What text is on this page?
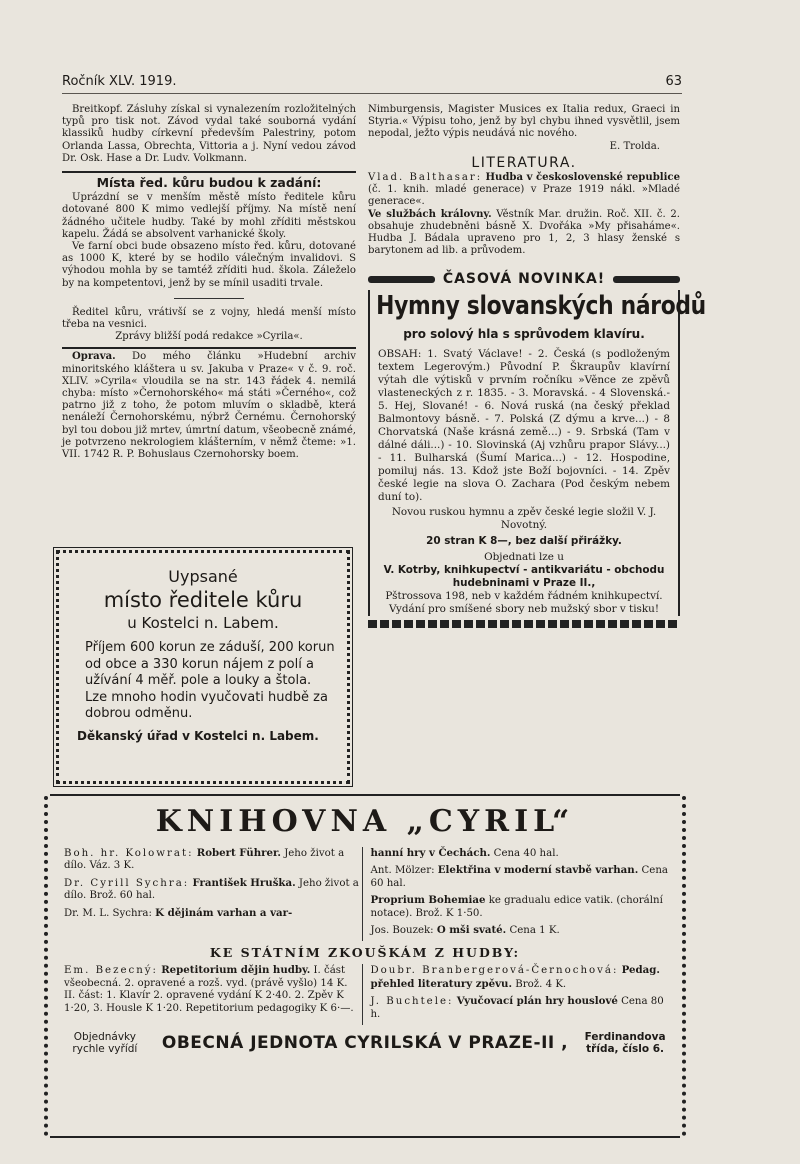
Ročník XLV. 1919.	63

Breitkopf. Zásluhy získal si vynalezením rozložitelných typů pro tisk not. Závod vydal také souborná vydání klassiků hudby církevní především Palestriny, potom Orlanda Lassa, Obrechta, Vittoria a j. Nyní vedou závod Dr. Osk. Hase a Dr. Ludv. Volkmann.

Místa řed. kůru budou k zadání:

Uprázdní se v menším městě místo ředitele kůru dotované 800 K mimo vedlejší příjmy. Na místě není žádného učitele hudby. Také by mohl zříditi městskou kapelu. Žádá se absolvent varhanické školy.

Ve farní obci bude obsazeno místo řed. kůru, dotované as 1000 K, které by se hodilo válečným invalidovi. S výhodou mohla by se tamtéž zříditi hud. škola. Záleželo by na kompetentovi, jenž by se mínil usaditi trvale.

Ředitel kůru, vrátivší se z vojny, hledá menší místo třeba na vesnici.

Zprávy bližší podá redakce »Cyrila«.

Oprava. Do mého článku »Hudební archiv minoritského kláštera u sv. Jakuba v Praze« v č. 9. roč. XLIV. »Cyrila« vloudila se na str. 143 řádek 4. nemilá chyba: místo »Černohorského« má státi »Černého«, což patrno již z toho, že potom mluvím o skladbě, která nenáleží Černohorskému, nýbrž Černému. Černohorský byl tou dobou již mrtev, úmrtní datum, všeobecně známé, je potvrzeno nekrologiem klášterním, v němž čteme: »1. VII. 1742 R. P. Bohuslaus Czernohorsky boem.

Uypsané
místo ředitele kůru
u Kostelci n. Labem.
Příjem 600 korun ze záduší, 200 korun od obce a 330 korun nájem z polí a užívání 4 měř. pole a louky a štola. Lze mnoho hodin vyučovati hudbě za dobrou odměnu.
Děkanský úřad v Kostelci n. Labem.

Nimburgensis, Magister Musices ex Italia redux, Graeci in Styria.« Výpisu toho, jenž by byl chybu ihned vysvětlil, jsem nepodal, ježto výpis neudává nic nového.

E. Trolda.

LITERATURA.

Vlad. Balthasar: Hudba v československé republice (č. 1. knih. mladé generace) v Praze 1919 nákl. »Mladé generace«.

Ve službách královny. Věstník Mar. družin. Roč. XII. č. 2. obsahuje zhudebněni básně X. Dvořáka »My přisaháme«. Hudba J. Bádala upraveno pro 1, 2, 3 hlasy ženské s barytonem ad lib. a průvodem.

ČASOVÁ NOVINKA!
Hymny slovanských národů
pro solový hla s sprůvodem klavíru.

OBSAH: 1. Svatý Václave! - 2. Česká (s podloženým textem Legerovým.) Původní P. Škraupův klavírní výtah dle výtisků v prvním ročníku »Věnce ze zpěvů vlasteneckých z r. 1835. - 3. Moravská. - 4 Slovenská.- 5. Hej, Slované! - 6. Nová ruská (na český překlad Balmontovy básně. - 7. Polská (Z dýmu a krve...) - 8 Chorvatská (Naše krásná země...) - 9. Srbská (Tam v dálné dáli...) - 10. Slovinská (Aj vzhůru prapor Slávy...) - 11. Bulharská (Šumí Marica...) - 12. Hospodine, pomiluj nás. 13. Kdož jste Boží bojovníci. - 14. Zpěv české legie na slova O. Zachara (Pod českým nebem duní to).

Novou ruskou hymnu a zpěv české legie složil V. J. Novotný.

20 stran K 8—, bez další přirážky.

Objednati lze u

V. Kotrby, knihkupectví - antikvariátu - obchodu hudebninami v Praze II.,

Pštrossova 198, neb v každém řádném knihkupectví.

Vydání pro smíšené sbory neb mužský sbor v tisku!

KNIHOVNA „CYRIL“

Boh. hr. Kolowrat: Robert Führer. Jeho život a dílo. Váz. 3 K.

Dr. Cyrill Sychra: František Hruška. Jeho život a dílo. Brož. 60 hal.

Dr. M. L. Sychra: K dějinám varhan a var-

hanní hry v Čechách. Cena 40 hal.

Ant. Mölzer: Elektřina v moderní stavbě varhan. Cena 60 hal.

Proprium Bohemiae ke gradualu edice vatik. (chorální notace). Brož. K 1·50.

Jos. Bouzek: O mši svaté. Cena 1 K.

KE STÁTNÍM ZKOUŠKÁM Z HUDBY:

Em. Bezecný: Repetitorium dějin hudby. I. část všeobecná. 2. opravené a rozš. vyd. (právě vyšlo) 14 K. II. část: 1. Klavír 2. opravené vydání K 2·40. 2. Zpěv K 1·20, 3. Housle K 1·20. Repetitorium pedagogiky K 6·—.

Doubr. Branbergerová-Černochová: Pedag. přehled literatury zpěvu. Brož. 4 K.

J. Buchtele: Vyučovací plán hry houslové Cena 80 h.

Objednávky rychle vyřídí	OBECNÁ JEDNOTA CYRILSKÁ V PRAZE-II ,	Ferdinandova třída, číslo 6.
